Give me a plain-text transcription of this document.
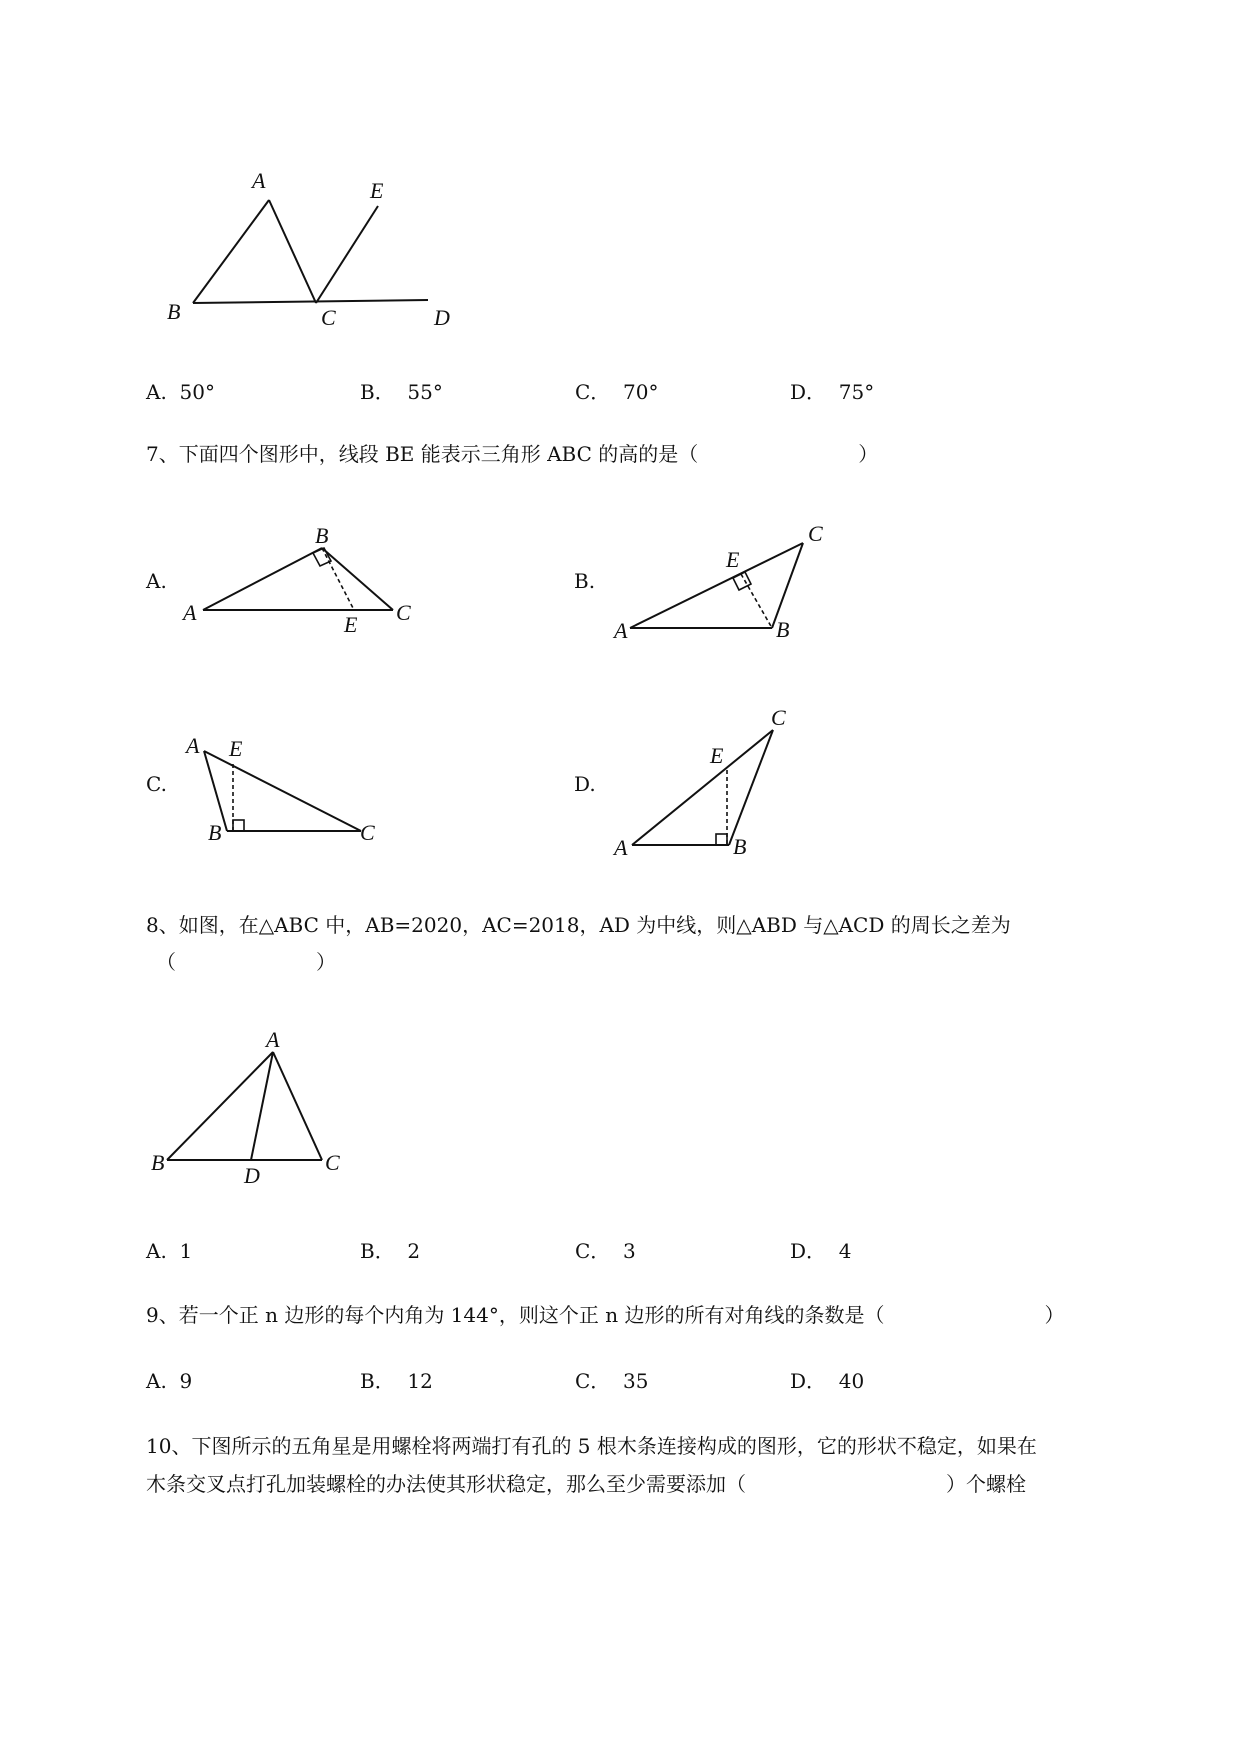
A	E
B	C	D
A. 50°	B． 55°	C． 70°	D． 75°
7、下面四个图形中，线段 BE 能表示三角形 ABC 的高的是（　　　　　　　　）
A.	B.
C.	D.
B
A	E C
E
C
A	B
A E
B	C
C
E
A	B
8、如图，在△ABC 中，AB=2020，AC=2018，AD 为中线，则△ABD 与△ACD 的周长之差为
（　　　　　　　）
A
B
D
C
A. 1	B． 2	C． 3	D． 4
9、若一个正 n 边形的每个内角为 144°，则这个正 n 边形的所有对角线的条数是（　　　　　　　　）
A. 9	B． 12	C． 35	D． 40
10、下图所示的五角星是用螺栓将两端打有孔的 5 根木条连接构成的图形，它的形状不稳定，如果在
木条交叉点打孔加装螺栓的办法使其形状稳定，那么至少需要添加（　　　　　　　　　　）个螺栓
